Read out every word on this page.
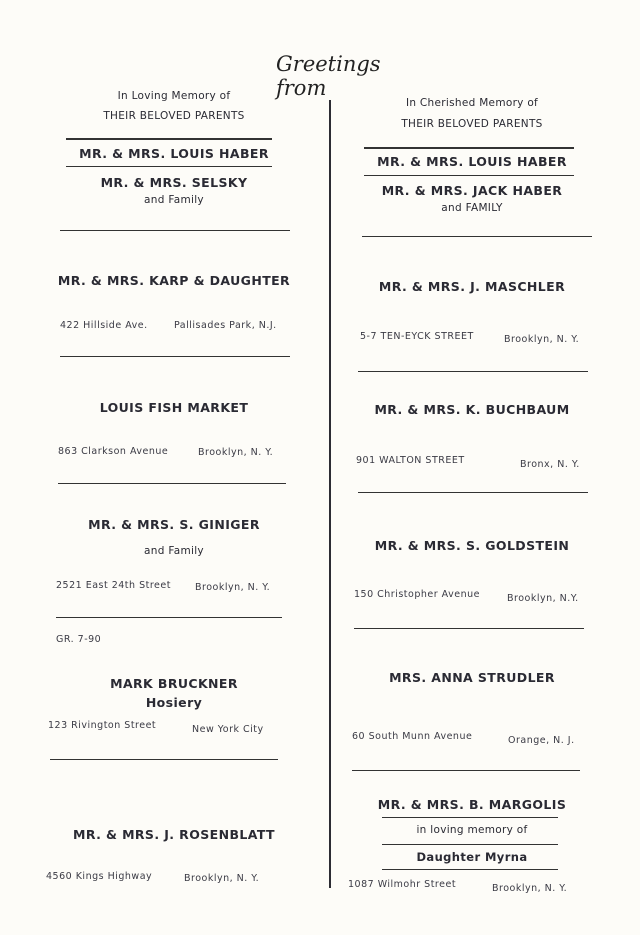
Greetings from
In Loving Memory of
THEIR BELOVED PARENTS
MR. & MRS. LOUIS HABER
MR. & MRS. SELSKY
and Family
MR. & MRS. KARP & DAUGHTER
422 Hillside Ave.	Pallisades Park, N.J.
LOUIS FISH MARKET
863 Clarkson Avenue	Brooklyn, N. Y.
MR. & MRS. S. GINIGER
and Family
2521 East 24th Street	Brooklyn, N. Y.
GR. 7-90
MARK BRUCKNER
Hosiery
123 Rivington Street	New York City
MR. & MRS. J. ROSENBLATT
4560 Kings Highway	Brooklyn, N. Y.
In Cherished Memory of
THEIR BELOVED PARENTS
MR. & MRS. LOUIS HABER
MR. & MRS. JACK HABER
and FAMILY
MR. & MRS. J. MASCHLER
5-7 TEN-EYCK STREET	Brooklyn, N. Y.
MR. & MRS. K. BUCHBAUM
901 WALTON STREET	Bronx, N. Y.
MR. & MRS. S. GOLDSTEIN
150 Christopher Avenue	Brooklyn, N.Y.
MRS. ANNA STRUDLER
60 South Munn Avenue	Orange, N. J.
MR. & MRS. B. MARGOLIS
in loving memory of
Daughter Myrna
1087 Wilmohr Street	Brooklyn, N. Y.
